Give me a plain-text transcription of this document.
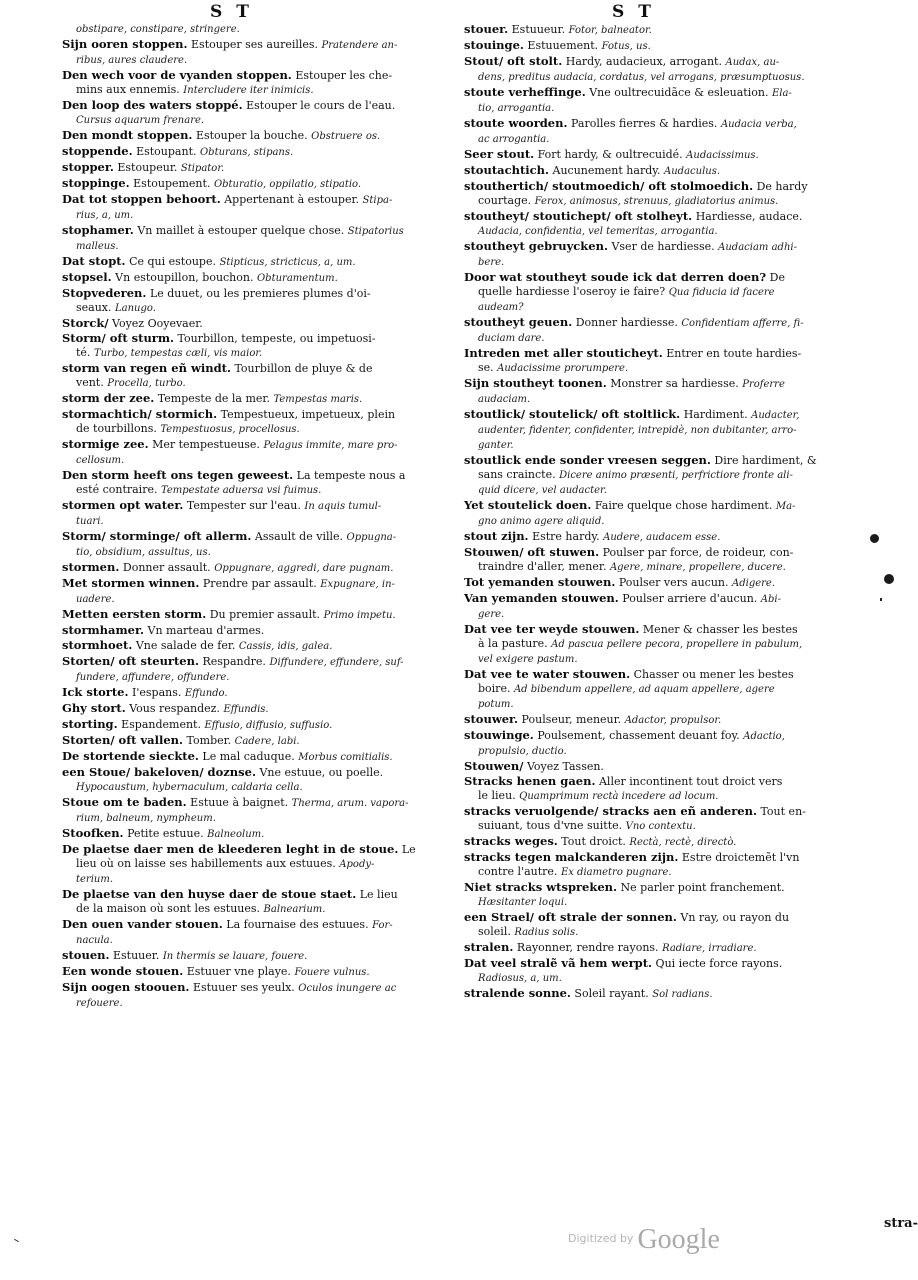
S T	S T

obstipare, constipare, stringere.

Sijn ooren stoppen. Estouper ses aureilles. Pratendere an-

ribus, aures claudere.

Den wech voor de vyanden stoppen. Estouper les che-

mins aux ennemis. Intercludere iter inimicis.

Den loop des waters stoppé. Estouper le cours de l'eau.

Cursus aquarum frenare.

Den mondt stoppen. Estouper la bouche. Obstruere os.

stoppende. Estoupant. Obturans, stipans.

stopper. Estoupeur. Stipator.

stoppinge. Estoupement. Obturatio, oppilatio, stipatio.

Dat tot stoppen behoort. Appertenant à estouper. Stipa-

rius, a, um.

stophamer. Vn maillet à estouper quelque chose. Stipatorius

malleus.

Dat stopt. Ce qui estoupe. Stipticus, stricticus, a, um.

stopsel. Vn estoupillon, bouchon. Obturamentum.

Stopvederen. Le duuet, ou les premieres plumes d'oi-

seaux. Lanugo.

Storck/ Voyez Ooyevaer.

Storm/ oft sturm. Tourbillon, tempeste, ou impetuosi-

té. Turbo, tempestas cæli, vis maior.

storm van regen eñ windt. Tourbillon de pluye & de

vent. Procella, turbo.

storm der zee. Tempeste de la mer. Tempestas maris.

stormachtich/ stormich. Tempestueux, impetueux, plein

de tourbillons. Tempestuosus, procellosus.

stormige zee. Mer tempestueuse. Pelagus immite, mare pro-

cellosum.

Den storm heeft ons tegen geweest. La tempeste nous a

esté contraire. Tempestate aduersa vsi fuimus.

stormen opt water. Tempester sur l'eau. In aquis tumul-

tuari.

Storm/ storminge/ oft allerm. Assault de ville. Oppugna-

tio, obsidium, assultus, us.

stormen. Donner assault. Oppugnare, aggredi, dare pugnam.

Met stormen winnen. Prendre par assault. Expugnare, in-

uadere.

Metten eersten storm. Du premier assault. Primo impetu.

stormhamer. Vn marteau d'armes.

stormhoet. Vne salade de fer. Cassis, idis, galea.

Storten/ oft steurten. Respandre. Diffundere, effundere, suf-

fundere, affundere, offundere.

Ick storte. I'espans. Effundo.

Ghy stort. Vous respandez. Effundis.

storting. Espandement. Effusio, diffusio, suffusio.

Storten/ oft vallen. Tomber. Cadere, labi.

De stortende sieckte. Le mal caduque. Morbus comitialis.

een Stoue/ bakeloven/ doznse. Vne estuue, ou poelle.

Hypocaustum, hybernaculum, caldaria cella.

Stoue om te baden. Estuue à baignet. Therma, arum. vapora-

rium, balneum, nympheum.

Stoofken. Petite estuue. Balneolum.

De plaetse daer men de kleederen leght in de stoue. Le

lieu où on laisse ses habillements aux estuues. Apody-

terium.

De plaetse van den huyse daer de stoue staet. Le lieu

de la maison où sont les estuues. Balnearium.

Den ouen vander stouen. La fournaise des estuues. For-

nacula.

stouen. Estuuer. In thermis se lauare, fouere.

Een wonde stouen. Estuuer vne playe. Fouere vulnus.

Sijn oogen stoouen. Estuuer ses yeulx. Oculos inungere ac

refouere.

stouer. Estuueur. Fotor, balneator.

stouinge. Estuuement. Fotus, us.

Stout/ oft stolt. Hardy, audacieux, arrogant. Audax, au-

dens, preditus audacia, cordatus, vel arrogans, præsumptuosus.

stoute verheffinge. Vne oultrecuidãce & esleuation. Ela-

tio, arrogantia.

stoute woorden. Parolles fierres & hardies. Audacia verba,

ac arrogantia.

Seer stout. Fort hardy, & oultrecuidé. Audacissimus.

stoutachtich. Aucunement hardy. Audaculus.

stouthertich/ stoutmoedich/ oft stolmoedich. De hardy

courtage. Ferox, animosus, strenuus, gladiatorius animus.

stoutheyt/ stoutichept/ oft stolheyt. Hardiesse, audace.

Audacia, confidentia, vel temeritas, arrogantia.

stoutheyt gebruycken. Vser de hardiesse. Audaciam adhi-

bere.

Door wat stoutheyt soude ick dat derren doen? De

quelle hardiesse l'oseroy ie faire? Qua fiducia id facere

audeam?

stoutheyt geuen. Donner hardiesse. Confidentiam afferre, fi-

duciam dare.

Intreden met aller stouticheyt. Entrer en toute hardies-

se. Audacissime prorumpere.

Sijn stoutheyt toonen. Monstrer sa hardiesse. Proferre

audaciam.

stoutlick/ stoutelick/ oft stoltlick. Hardiment. Audacter,

audenter, fidenter, confidenter, intrepidè, non dubitanter, arro-

ganter.

stoutlick ende sonder vreesen seggen. Dire hardiment, &

sans craincte. Dicere animo præsenti, perfrictiore fronte ali-

quid dicere, vel audacter.

Yet stoutelick doen. Faire quelque chose hardiment. Ma-

gno animo agere aliquid.

stout zijn. Estre hardy. Audere, audacem esse.

Stouwen/ oft stuwen. Poulser par force, de roideur, con-

traindre d'aller, mener. Agere, minare, propellere, ducere.

Tot yemanden stouwen. Poulser vers aucun. Adigere.

Van yemanden stouwen. Poulser arriere d'aucun. Abi-

gere.

Dat vee ter weyde stouwen. Mener & chasser les bestes

à la pasture. Ad pascua pellere pecora, propellere in pabulum,

vel exigere pastum.

Dat vee te water stouwen. Chasser ou mener les bestes

boire. Ad bibendum appellere, ad aquam appellere, agere

potum.

stouwer. Poulseur, meneur. Adactor, propulsor.

stouwinge. Poulsement, chassement deuant foy. Adactio,

propulsio, ductio.

Stouwen/ Voyez Tassen.

Stracks henen gaen. Aller incontinent tout droict vers

le lieu. Quamprimum rectà incedere ad locum.

stracks veruolgende/ stracks aen eñ anderen. Tout en-

suiuant, tous d'vne suitte. Vno contextu.

stracks weges. Tout droict. Rectà, rectè, directò.

stracks tegen malckanderen zijn. Estre droictemẽt l'vn

contre l'autre. Ex diametro pugnare.

Niet stracks wtspreken. Ne parler point franchement.

Hæsitanter loqui.

een Strael/ oft strale der sonnen. Vn ray, ou rayon du

soleil. Radius solis.

stralen. Rayonner, rendre rayons. Radiare, irradiare.

Dat veel stralẽ vã hem werpt. Qui iecte force rayons.

Radiosus, a, um.

stralende sonne. Soleil rayant. Sol radians.

stra-
$^{Digitized by}$ Google
